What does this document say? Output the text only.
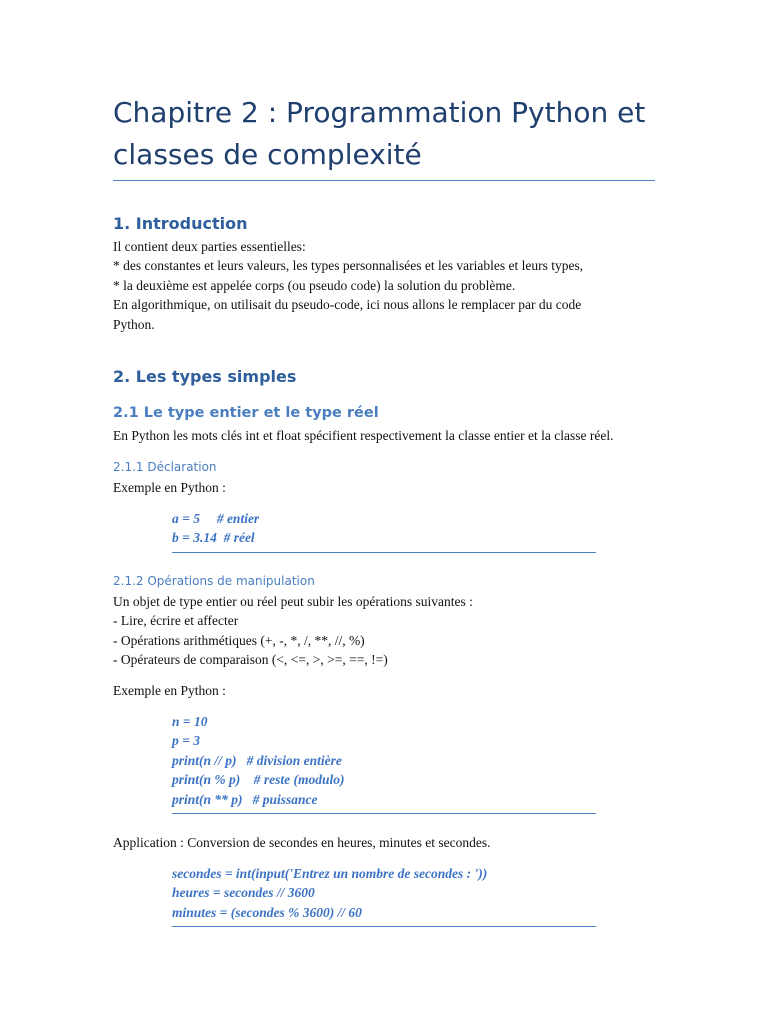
Chapitre 2 : Programmation Python et classes de complexité
1. Introduction
Il contient deux parties essentielles:
* des constantes et leurs valeurs, les types personnalisées et les variables et leurs types,
* la deuxième est appelée corps (ou pseudo code) la solution du problème.
En algorithmique, on utilisait du pseudo-code, ici nous allons le remplacer par du code
Python.
2. Les types simples
2.1 Le type entier et le type réel
En Python les mots clés int et float spécifient respectivement la classe entier et la classe réel.
2.1.1 Déclaration
Exemple en Python :
a = 5     # entier
b = 3.14  # réel
2.1.2 Opérations de manipulation
Un objet de type entier ou réel peut subir les opérations suivantes :
- Lire, écrire et affecter
- Opérations arithmétiques (+, -, *, /, **, //, %)
- Opérateurs de comparaison (<, <=, >, >=, ==, !=)
Exemple en Python :
n = 10
p = 3
print(n // p)   # division entière
print(n % p)    # reste (modulo)
print(n ** p)   # puissance
Application : Conversion de secondes en heures, minutes et secondes.
secondes = int(input('Entrez un nombre de secondes : '))
heures = secondes // 3600
minutes = (secondes % 3600) // 60
